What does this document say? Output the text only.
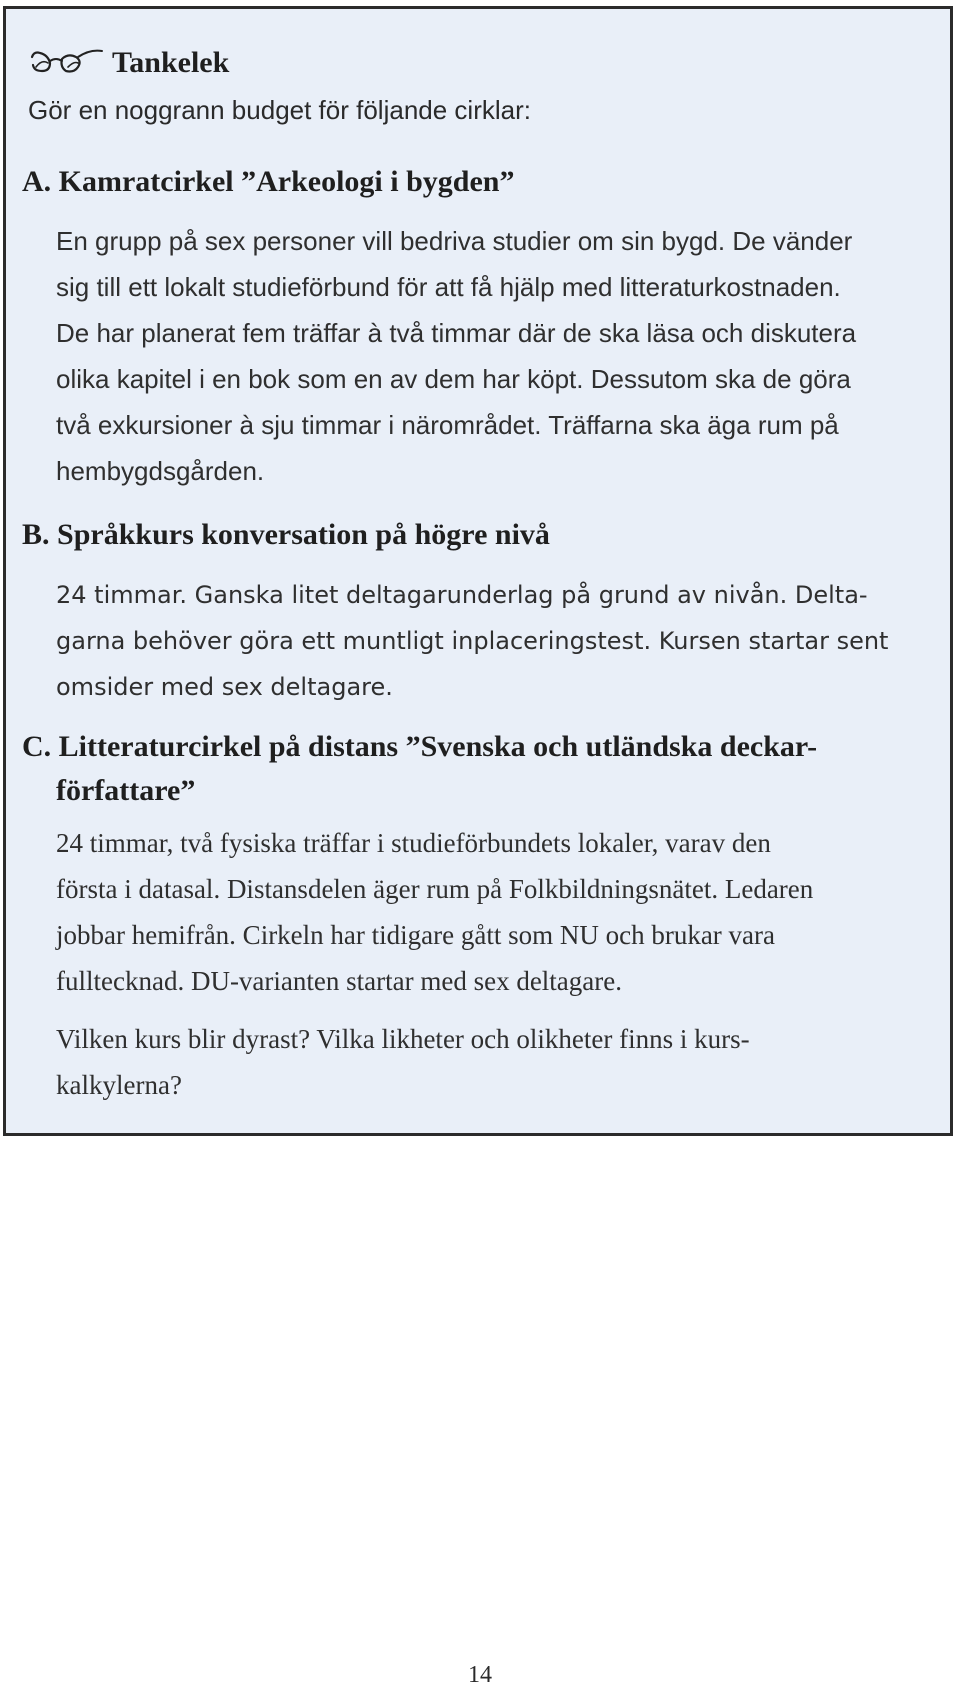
Tankelek
Gör en noggrann budget för följande cirklar:
A. Kamratcirkel ”Arkeologi i bygden”
En grupp på sex personer vill bedriva studier om sin bygd. De vänder
sig till ett lokalt studieförbund för att få hjälp med litteraturkostnaden.
De har planerat fem träffar à två timmar där de ska läsa och diskutera
olika kapitel i en bok som en av dem har köpt. Dessutom ska de göra
två exkursioner à sju timmar i närområdet. Träffarna ska äga rum på
hembygdsgården.
B. Språkkurs konversation på högre nivå
24 timmar. Ganska litet deltagarunderlag på grund av nivån. Delta-
garna behöver göra ett muntligt inplaceringstest. Kursen startar sent
omsider med sex deltagare.
C. Litteraturcirkel på distans ”Svenska och utländska deckar-
författare”
24 timmar, två fysiska träffar i studieförbundets lokaler, varav den
första i datasal. Distansdelen äger rum på Folkbildningsnätet. Ledaren
jobbar hemifrån. Cirkeln har tidigare gått som NU och brukar vara
fulltecknad. DU-varianten startar med sex deltagare.
Vilken kurs blir dyrast? Vilka likheter och olikheter finns i kurs-
kalkylerna?
14
